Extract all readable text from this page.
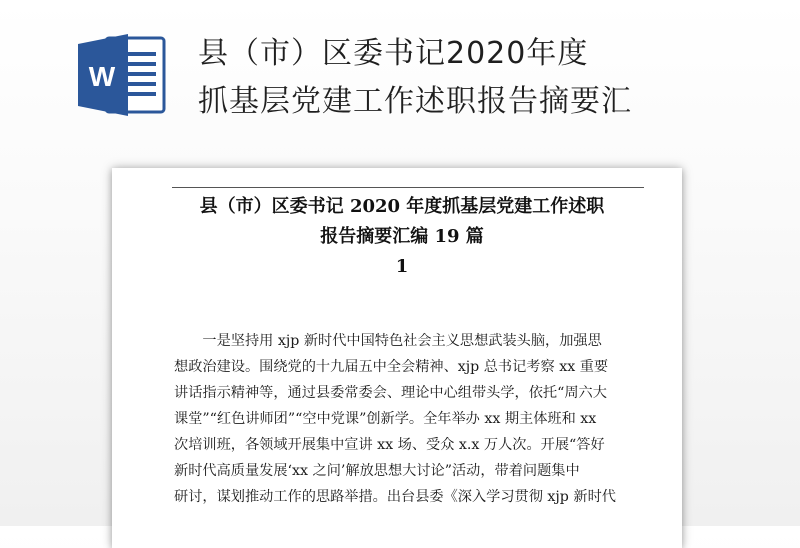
W
县（市）区委书记2020年度
抓基层党建工作述职报告摘要汇
县（市）区委书记 2020 年度抓基层党建工作述职
报告摘要汇编 19 篇
1
　　一是坚持用 xjp 新时代中国特色社会主义思想武装头脑，加强思
想政治建设。围绕党的十九届五中全会精神、xjp 总书记考察 xx 重要
讲话指示精神等，通过县委常委会、理论中心组带头学，依托“周六大
课堂”“红色讲师团”“空中党课”创新学。全年举办 xx 期主体班和 xx
次培训班，各领域开展集中宣讲 xx 场、受众 x.x 万人次。开展“答好
新时代高质量发展‘xx 之问’解放思想大讨论”活动，带着问题集中
研讨，谋划推动工作的思路举措。出台县委《深入学习贯彻 xjp 新时代
